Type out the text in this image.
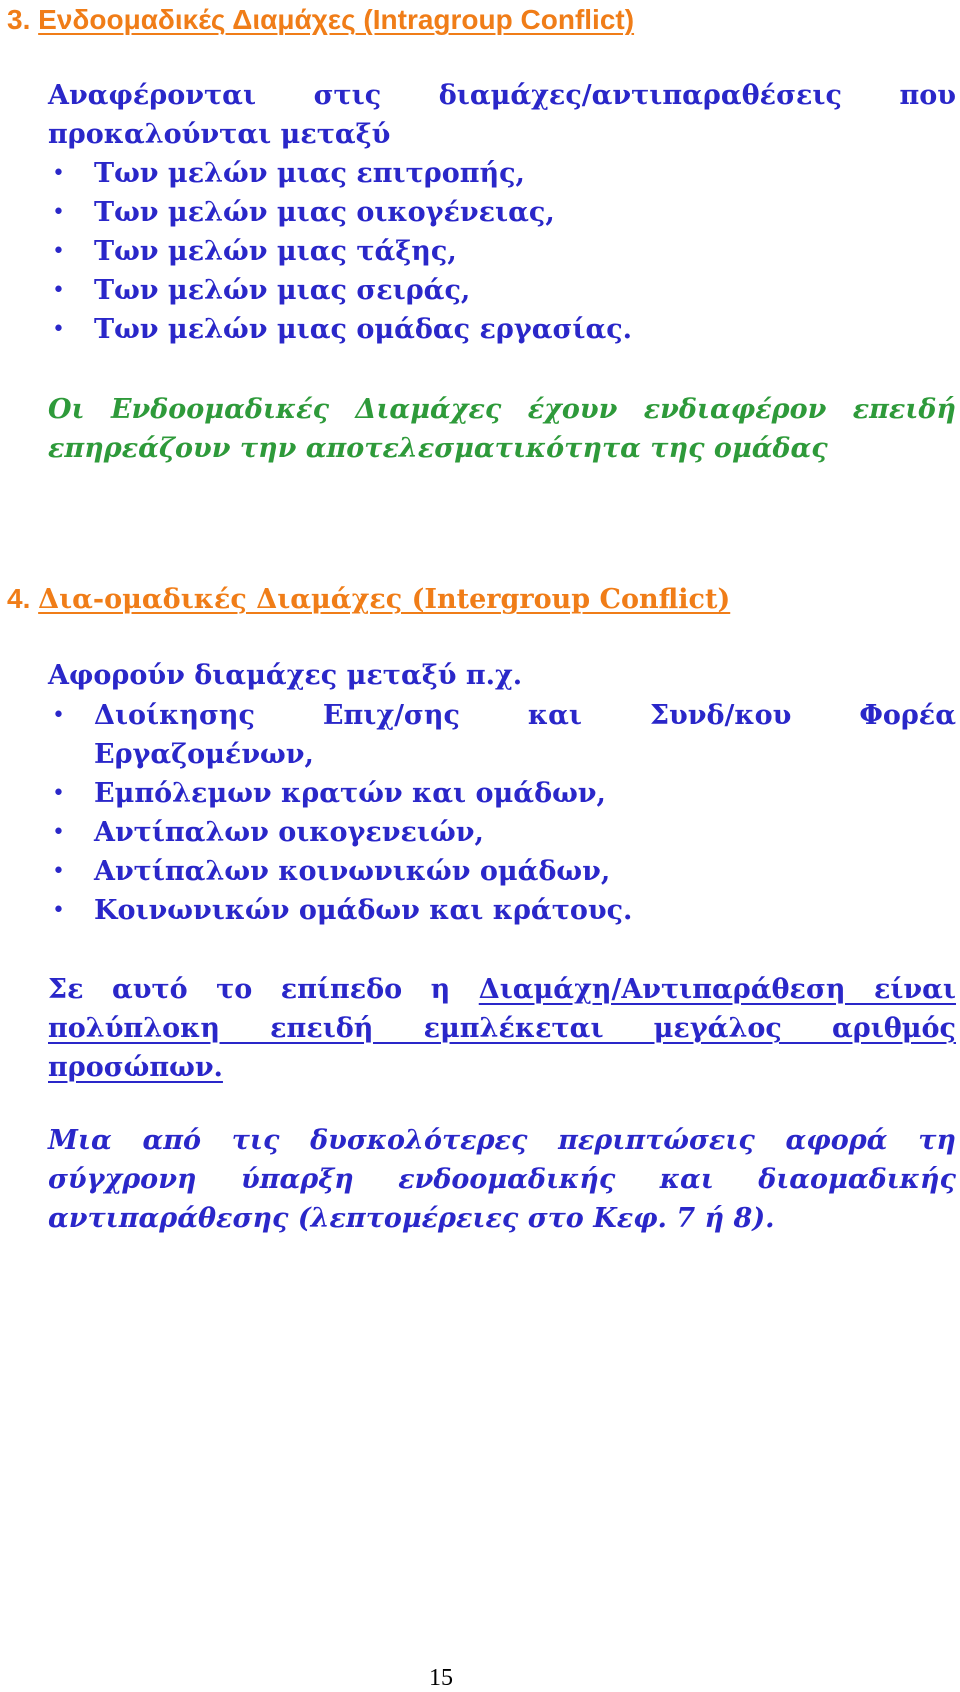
3. Ενδοομαδικές Διαμάχες (Intragroup Conflict)
Αναφέρονται στις διαμάχες/αντιπαραθέσεις που
προκαλούνται μεταξύ
•	Των μελών μιας επιτροπής,
•	Των μελών μιας οικογένειας,
•	Των μελών μιας τάξης,
•	Των μελών μιας σειράς,
•	Των μελών μιας ομάδας εργασίας.
Οι Ενδοομαδικές Διαμάχες έχουν ενδιαφέρον επειδή
επηρεάζουν την αποτελεσματικότητα της ομάδας
4. Δια-ομαδικές Διαμάχες (Intergroup Conflict)
Αφορούν διαμάχες μεταξύ π.χ.
•	Διοίκησης Επιχ/σης και Συνδ/κου Φορέα
Εργαζομένων,
•	Εμπόλεμων κρατών και ομάδων,
•	Αντίπαλων οικογενειών,
•	Αντίπαλων κοινωνικών ομάδων,
•	Κοινωνικών ομάδων και κράτους.
Σε αυτό το επίπεδο η Διαμάχη/Αντιπαράθεση είναι
πολύπλοκη επειδή εμπλέκεται μεγάλος αριθμός
προσώπων.
Μια από τις δυσκολότερες περιπτώσεις αφορά τη
σύγχρονη ύπαρξη ενδοομαδικής και διαομαδικής
αντιπαράθεσης (λεπτομέρειες στο Κεφ. 7 ή 8).
15
